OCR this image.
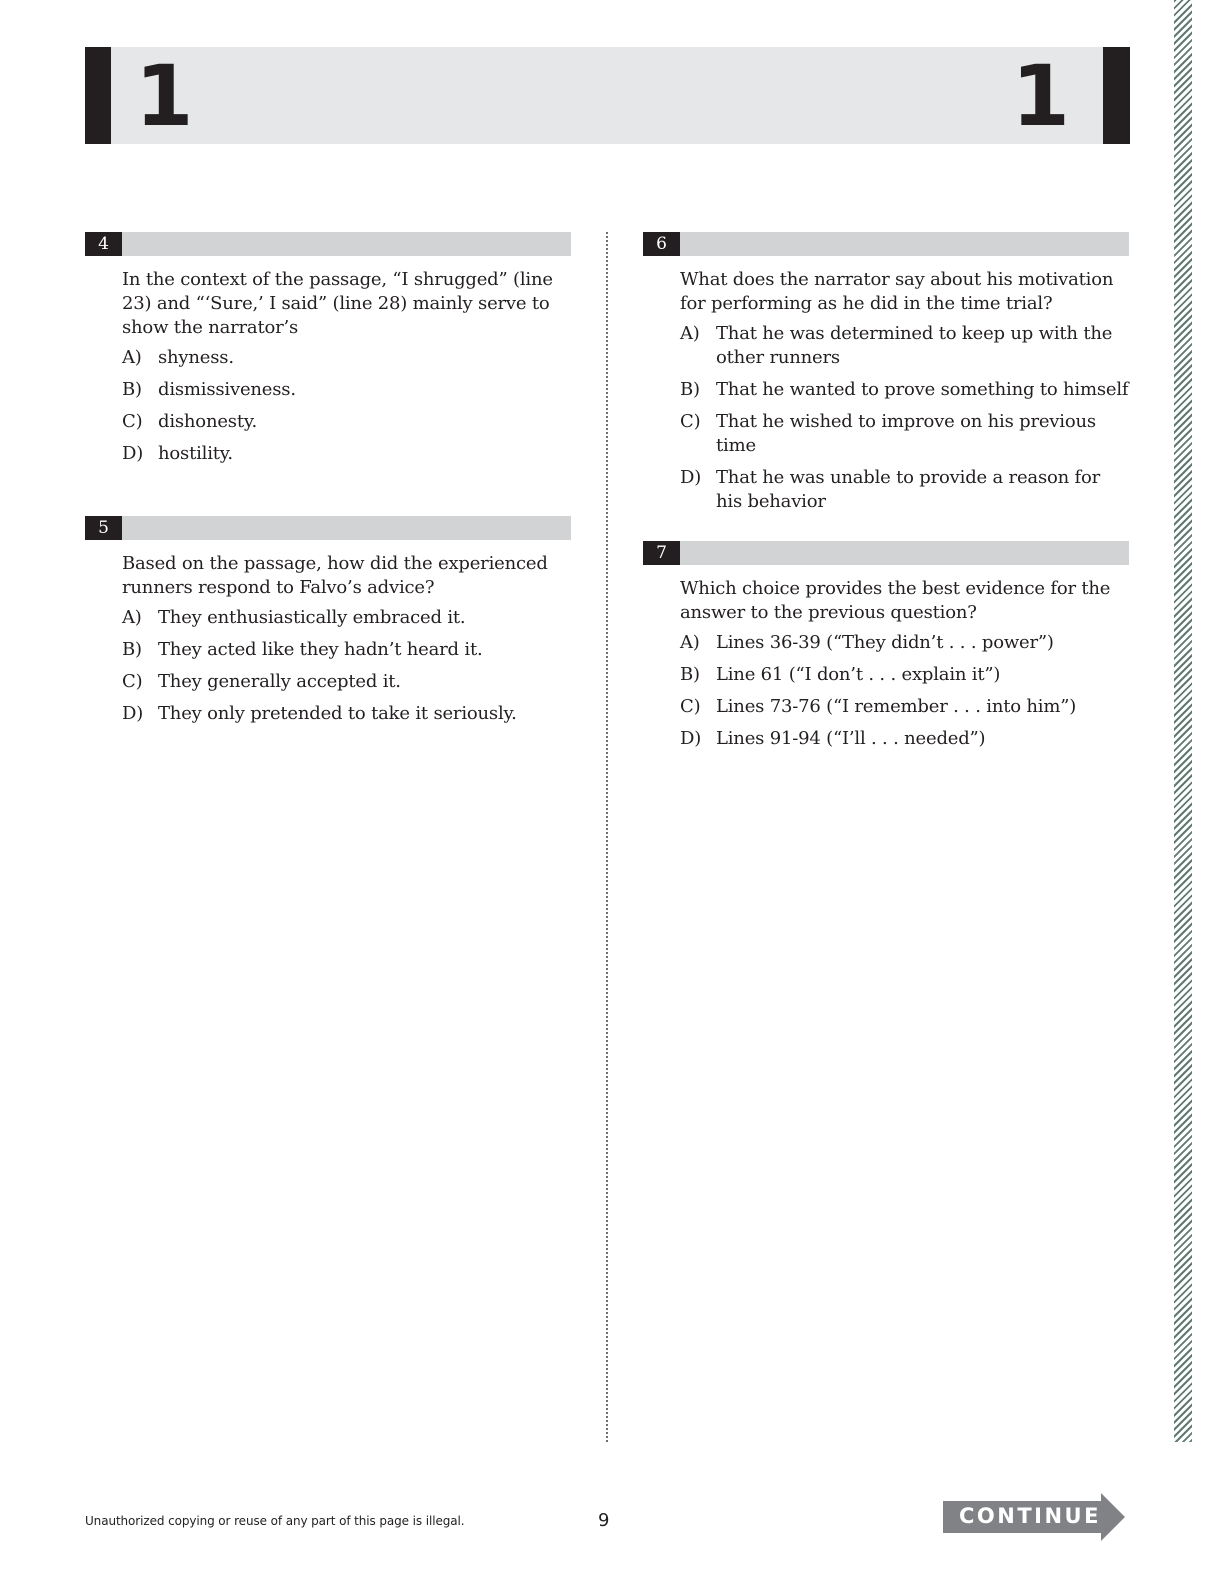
1	1
4

In the context of the passage, “I shrugged” (line 23) and “‘Sure,’ I said” (line 28) mainly serve to show the narrator’s

A) shyness.
B) dismissiveness.
C) dishonesty.
D) hostility.
5

Based on the passage, how did the experienced runners respond to Falvo’s advice?

A) They enthusiastically embraced it.
B) They acted like they hadn’t heard it.
C) They generally accepted it.
D) They only pretended to take it seriously.
6

What does the narrator say about his motivation for performing as he did in the time trial?

A) That he was determined to keep up with the other runners
B) That he wanted to prove something to himself
C) That he wished to improve on his previous time
D) That he was unable to provide a reason for his behavior
7

Which choice provides the best evidence for the answer to the previous question?

A) Lines 36-39 (“They didn’t . . . power”)
B) Line 61 (“I don’t . . . explain it”)
C) Lines 73-76 (“I remember . . . into him”)
D) Lines 91-94 (“I’ll . . . needed”)
Unauthorized copying or reuse of any part of this page is illegal.	9	CONTINUE
